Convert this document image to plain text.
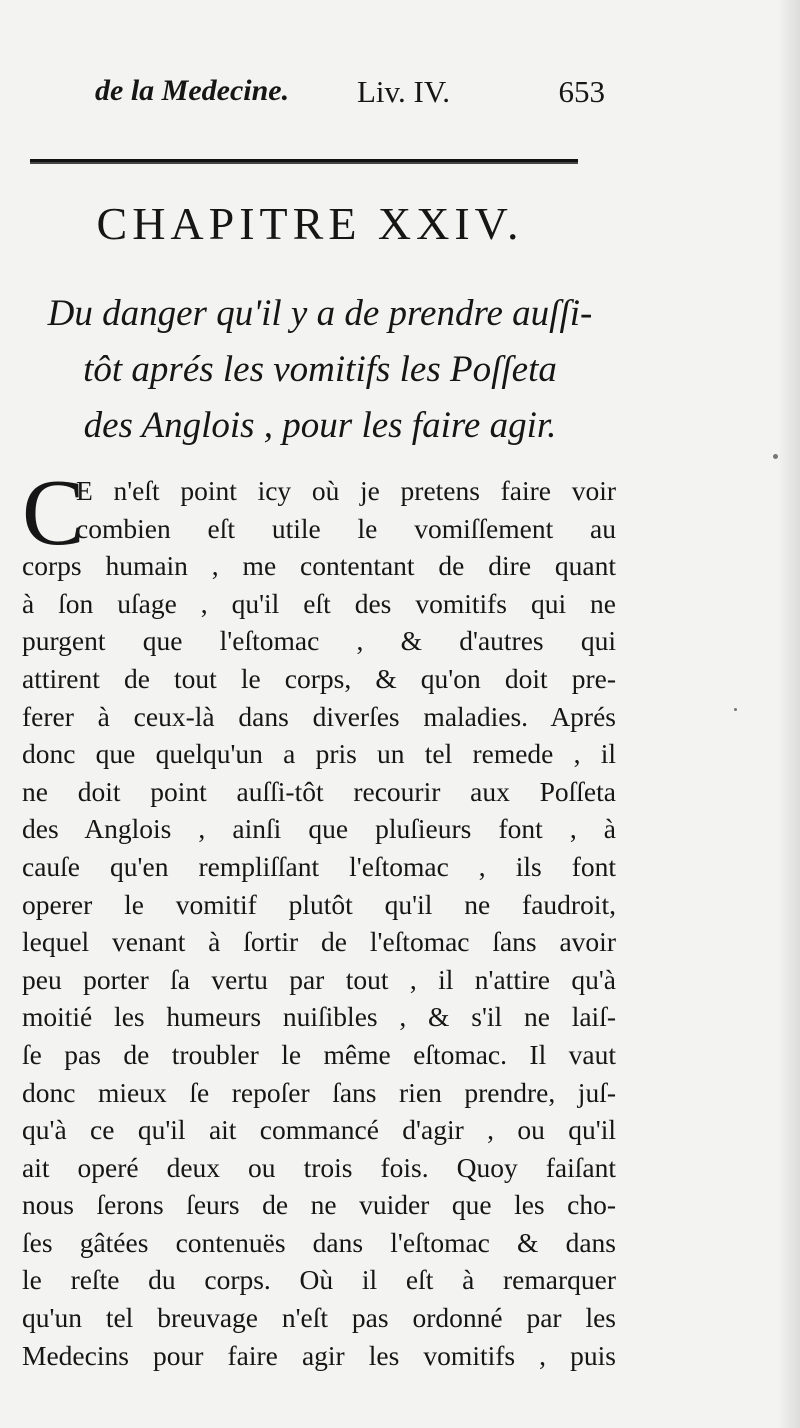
de la Medecine. Liv. IV.	653
CHAPITRE XXIV.
Du danger qu'il y a de prendre auſſi-
tôt aprés les vomitifs les Poſſeta
des Anglois , pour les faire agir.
C
E n'eſt point icy où je pretens faire voir
combien eſt utile le vomiſſement au
corps humain , me contentant de dire quant
à ſon uſage , qu'il eſt des vomitifs qui ne
purgent que l'eſtomac , & d'autres qui
attirent de tout le corps, & qu'on doit pre-
ferer à ceux-là dans diverſes maladies. Aprés
donc que quelqu'un a pris un tel remede , il
ne doit point auſſi-tôt recourir aux Poſſeta
des Anglois , ainſi que pluſieurs font , à
cauſe qu'en rempliſſant l'eſtomac , ils font
operer le vomitif plutôt qu'il ne faudroit,
lequel venant à ſortir de l'eſtomac ſans avoir
peu porter ſa vertu par tout , il n'attire qu'à
moitié les humeurs nuiſibles , & s'il ne laiſ-
ſe pas de troubler le même eſtomac. Il vaut
donc mieux ſe repoſer ſans rien prendre, juſ-
qu'à ce qu'il ait commancé d'agir , ou qu'il
ait operé deux ou trois fois. Quoy faiſant
nous ſerons ſeurs de ne vuider que les cho-
ſes gâtées contenuës dans l'eſtomac & dans
le reſte du corps. Où il eſt à remarquer
qu'un tel breuvage n'eſt pas ordonné par les
Medecins pour faire agir les vomitifs , puis
